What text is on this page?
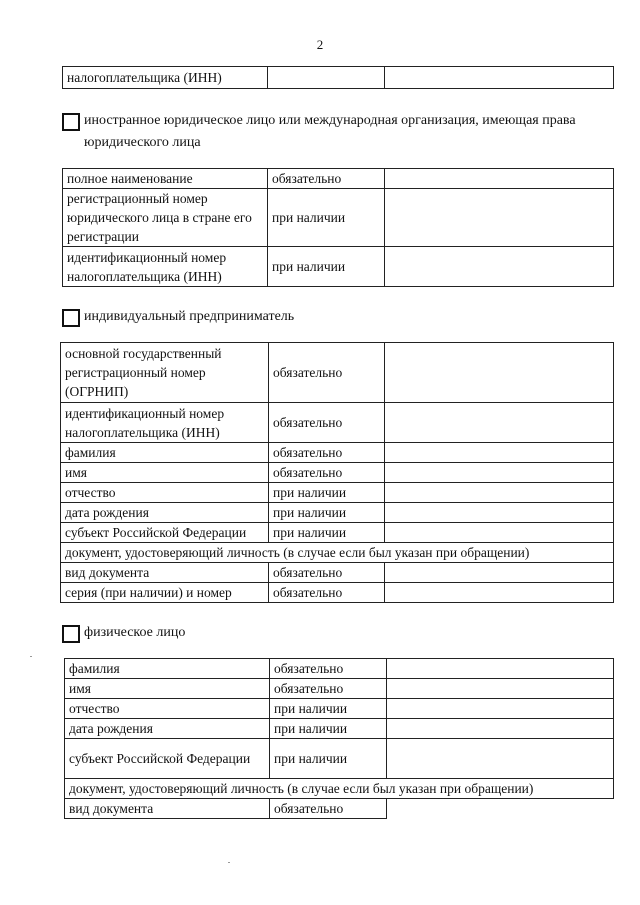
2
налогоплательщика (ИНН)		
иностранное юридическое лицо или международная организация, имеющая права юридического лица
полное наименование	обязательно	
регистрационный номер юридического лица в стране его регистрации	при наличии	
идентификационный номер налогоплательщика (ИНН)	при наличии	
индивидуальный предприниматель
основной государственный регистрационный номер (ОГРНИП)	обязательно	
идентификационный номер налогоплательщика (ИНН)	обязательно	
фамилия	обязательно	
имя	обязательно	
отчество	при наличии	
дата рождения	при наличии	
субъект Российской Федерации	при наличии	
документ, удостоверяющий личность (в случае если был указан при обращении)		
вид документа	обязательно	
серия (при наличии) и номер	обязательно	
физическое лицо
фамилия	обязательно	
имя	обязательно	
отчество	при наличии	
дата рождения	при наличии	
субъект Российской Федерации	при наличии	
документ, удостоверяющий личность (в случае если был указан при обращении)		
вид документа	обязательно	
